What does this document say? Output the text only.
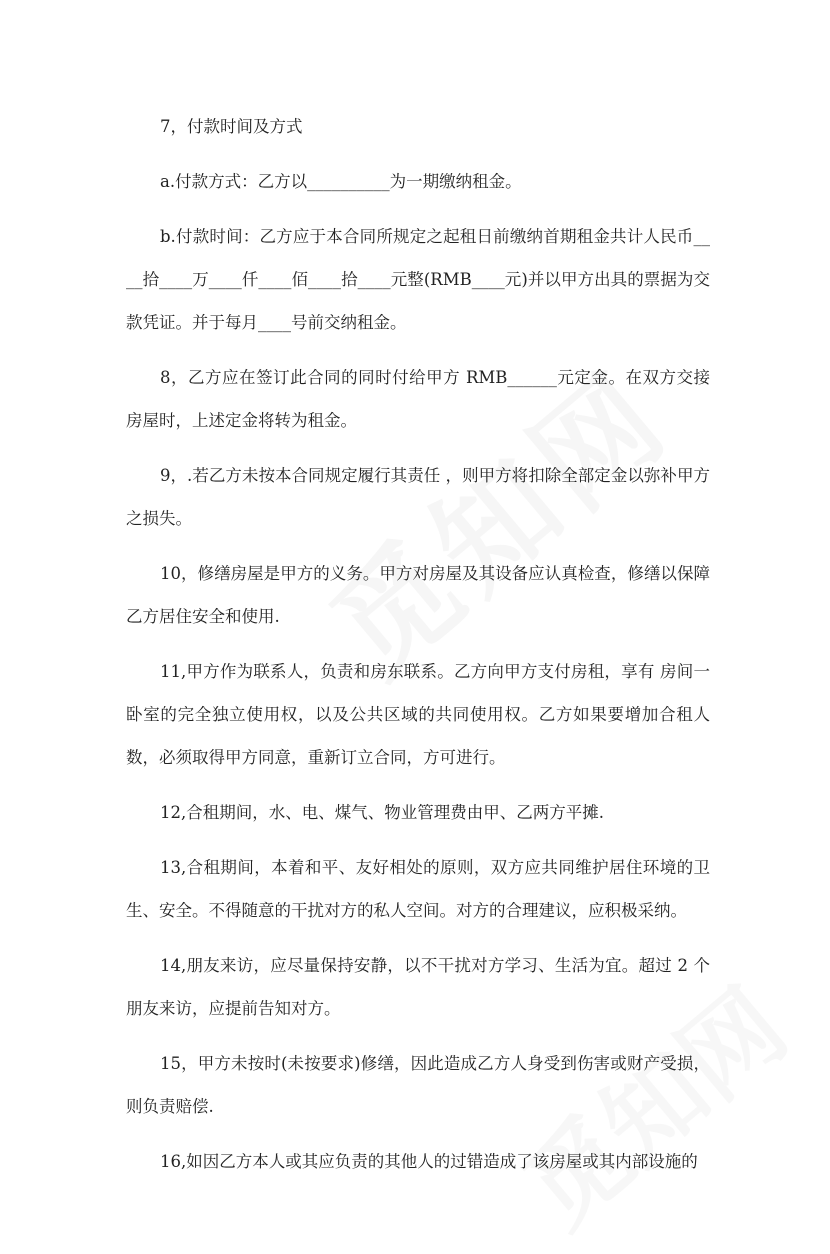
7，付款时间及方式

a.付款方式：乙方以__________为一期缴纳租金。

b.付款时间：乙方应于本合同所规定之起租日前缴纳首期租金共计人民币____拾____万____仟____佰____拾____元整(RMB____元)并以甲方出具的票据为交款凭证。并于每月____号前交纳租金。

8，乙方应在签订此合同的同时付给甲方 RMB______元定金。在双方交接房屋时，上述定金将转为租金。

9，.若乙方未按本合同规定履行其责任 ，则甲方将扣除全部定金以弥补甲方之损失。

10，修缮房屋是甲方的义务。甲方对房屋及其设备应认真检查，修缮以保障乙方居住安全和使用.

11,甲方作为联系人，负责和房东联系。乙方向甲方支付房租，享有 房间一卧室的完全独立使用权，以及公共区域的共同使用权。乙方如果要增加合租人数，必须取得甲方同意，重新订立合同，方可进行。

12,合租期间，水、电、煤气、物业管理费由甲、乙两方平摊.

13,合租期间，本着和平、友好相处的原则，双方应共同维护居住环境的卫生、安全。不得随意的干扰对方的私人空间。对方的合理建议，应积极采纳。

14,朋友来访，应尽量保持安静，以不干扰对方学习、生活为宜。超过 2 个朋友来访，应提前告知对方。

15，甲方未按时(未按要求)修缮，因此造成乙方人身受到伤害或财产受损，则负责赔偿.

16,如因乙方本人或其应负责的其他人的过错造成了该房屋或其内部设施的
